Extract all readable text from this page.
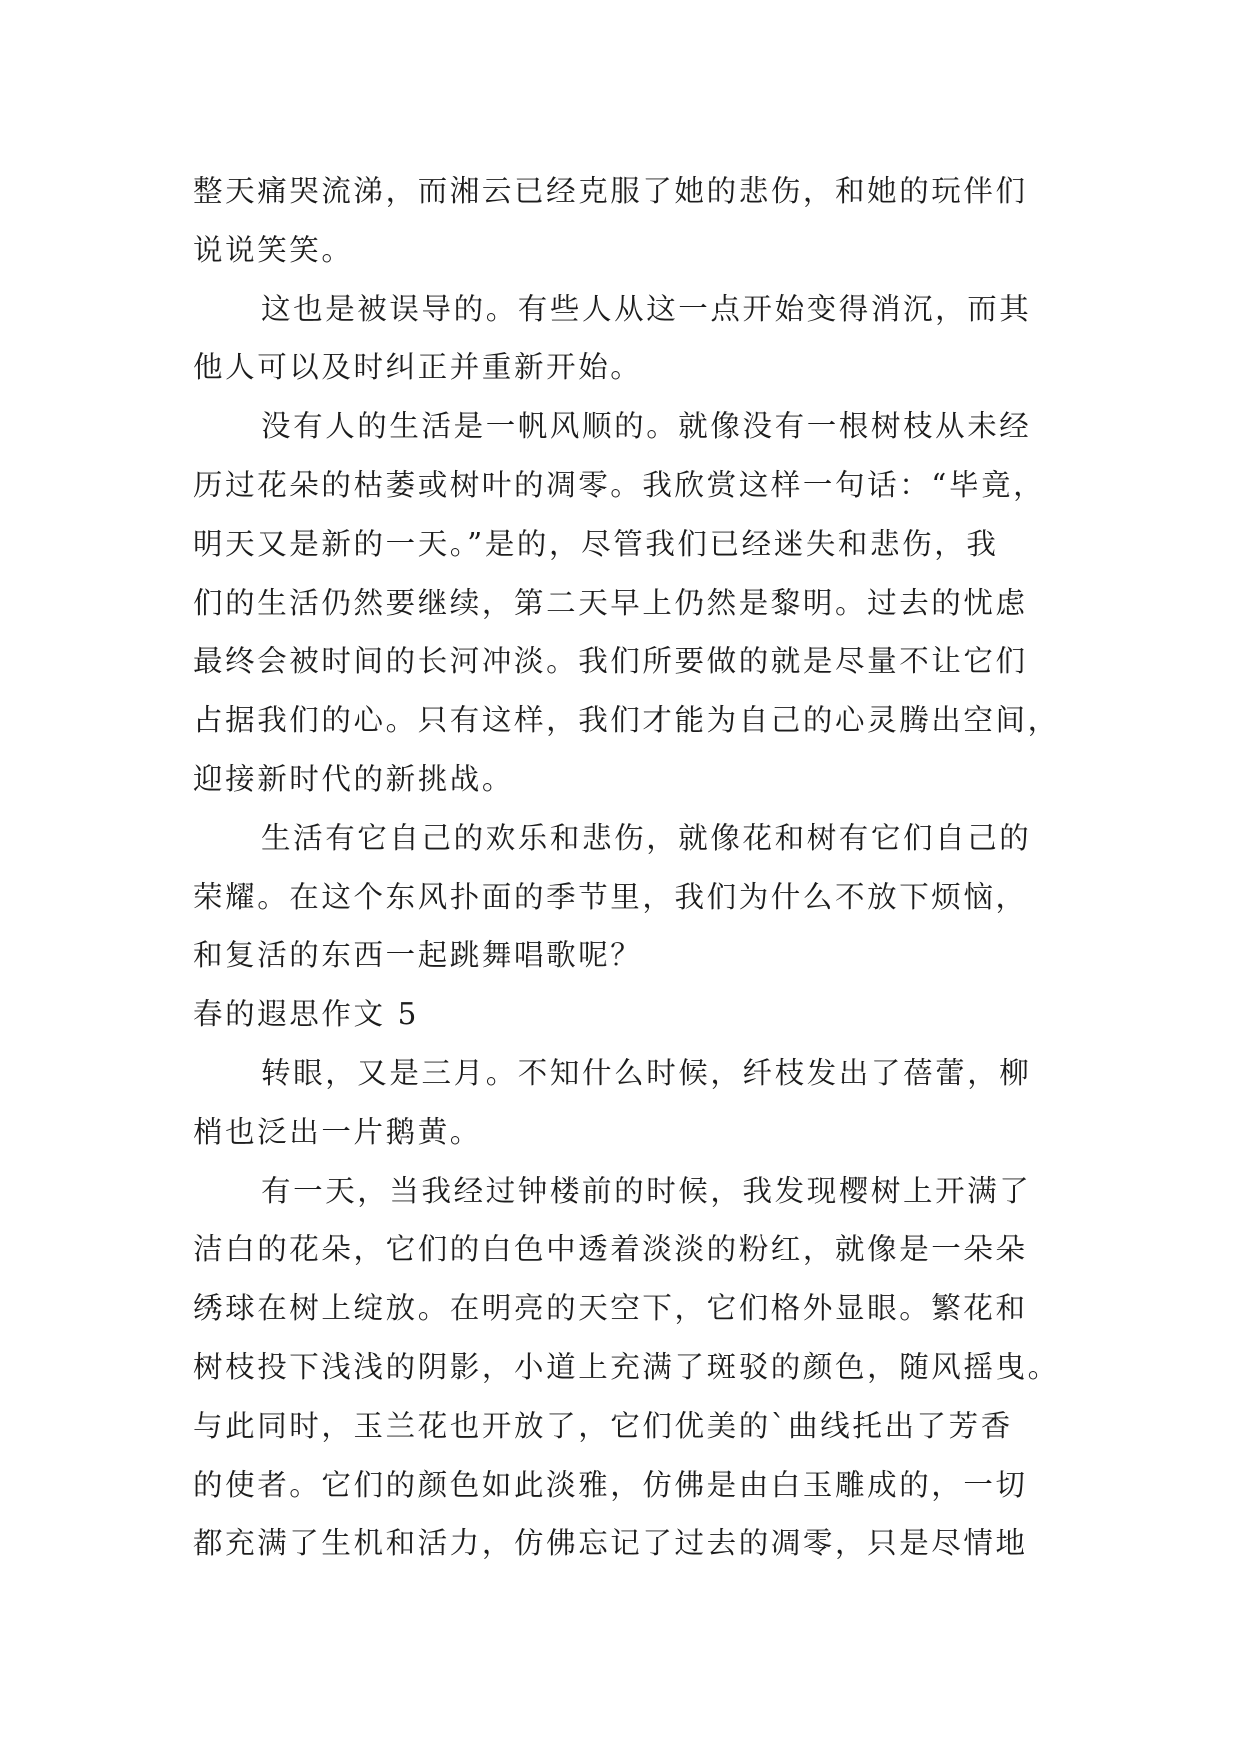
整天痛哭流涕，而湘云已经克服了她的悲伤，和她的玩伴们
说说笑笑。
这也是被误导的。有些人从这一点开始变得消沉，而其
他人可以及时纠正并重新开始。
没有人的生活是一帆风顺的。就像没有一根树枝从未经
历过花朵的枯萎或树叶的凋零。我欣赏这样一句话：“毕竟，
明天又是新的一天。”是的，尽管我们已经迷失和悲伤，我
们的生活仍然要继续，第二天早上仍然是黎明。过去的忧虑
最终会被时间的长河冲淡。我们所要做的就是尽量不让它们
占据我们的心。只有这样，我们才能为自己的心灵腾出空间，
迎接新时代的新挑战。
生活有它自己的欢乐和悲伤，就像花和树有它们自己的
荣耀。在这个东风扑面的季节里，我们为什么不放下烦恼，
和复活的东西一起跳舞唱歌呢？
春的遐思作文 5
转眼，又是三月。不知什么时候，纤枝发出了蓓蕾，柳
梢也泛出一片鹅黄。
有一天，当我经过钟楼前的时候，我发现樱树上开满了
洁白的花朵，它们的白色中透着淡淡的粉红，就像是一朵朵
绣球在树上绽放。在明亮的天空下，它们格外显眼。繁花和
树枝投下浅浅的阴影，小道上充满了斑驳的颜色，随风摇曳。
与此同时，玉兰花也开放了，它们优美的`曲线托出了芳香
的使者。它们的颜色如此淡雅，仿佛是由白玉雕成的，一切
都充满了生机和活力，仿佛忘记了过去的凋零，只是尽情地
